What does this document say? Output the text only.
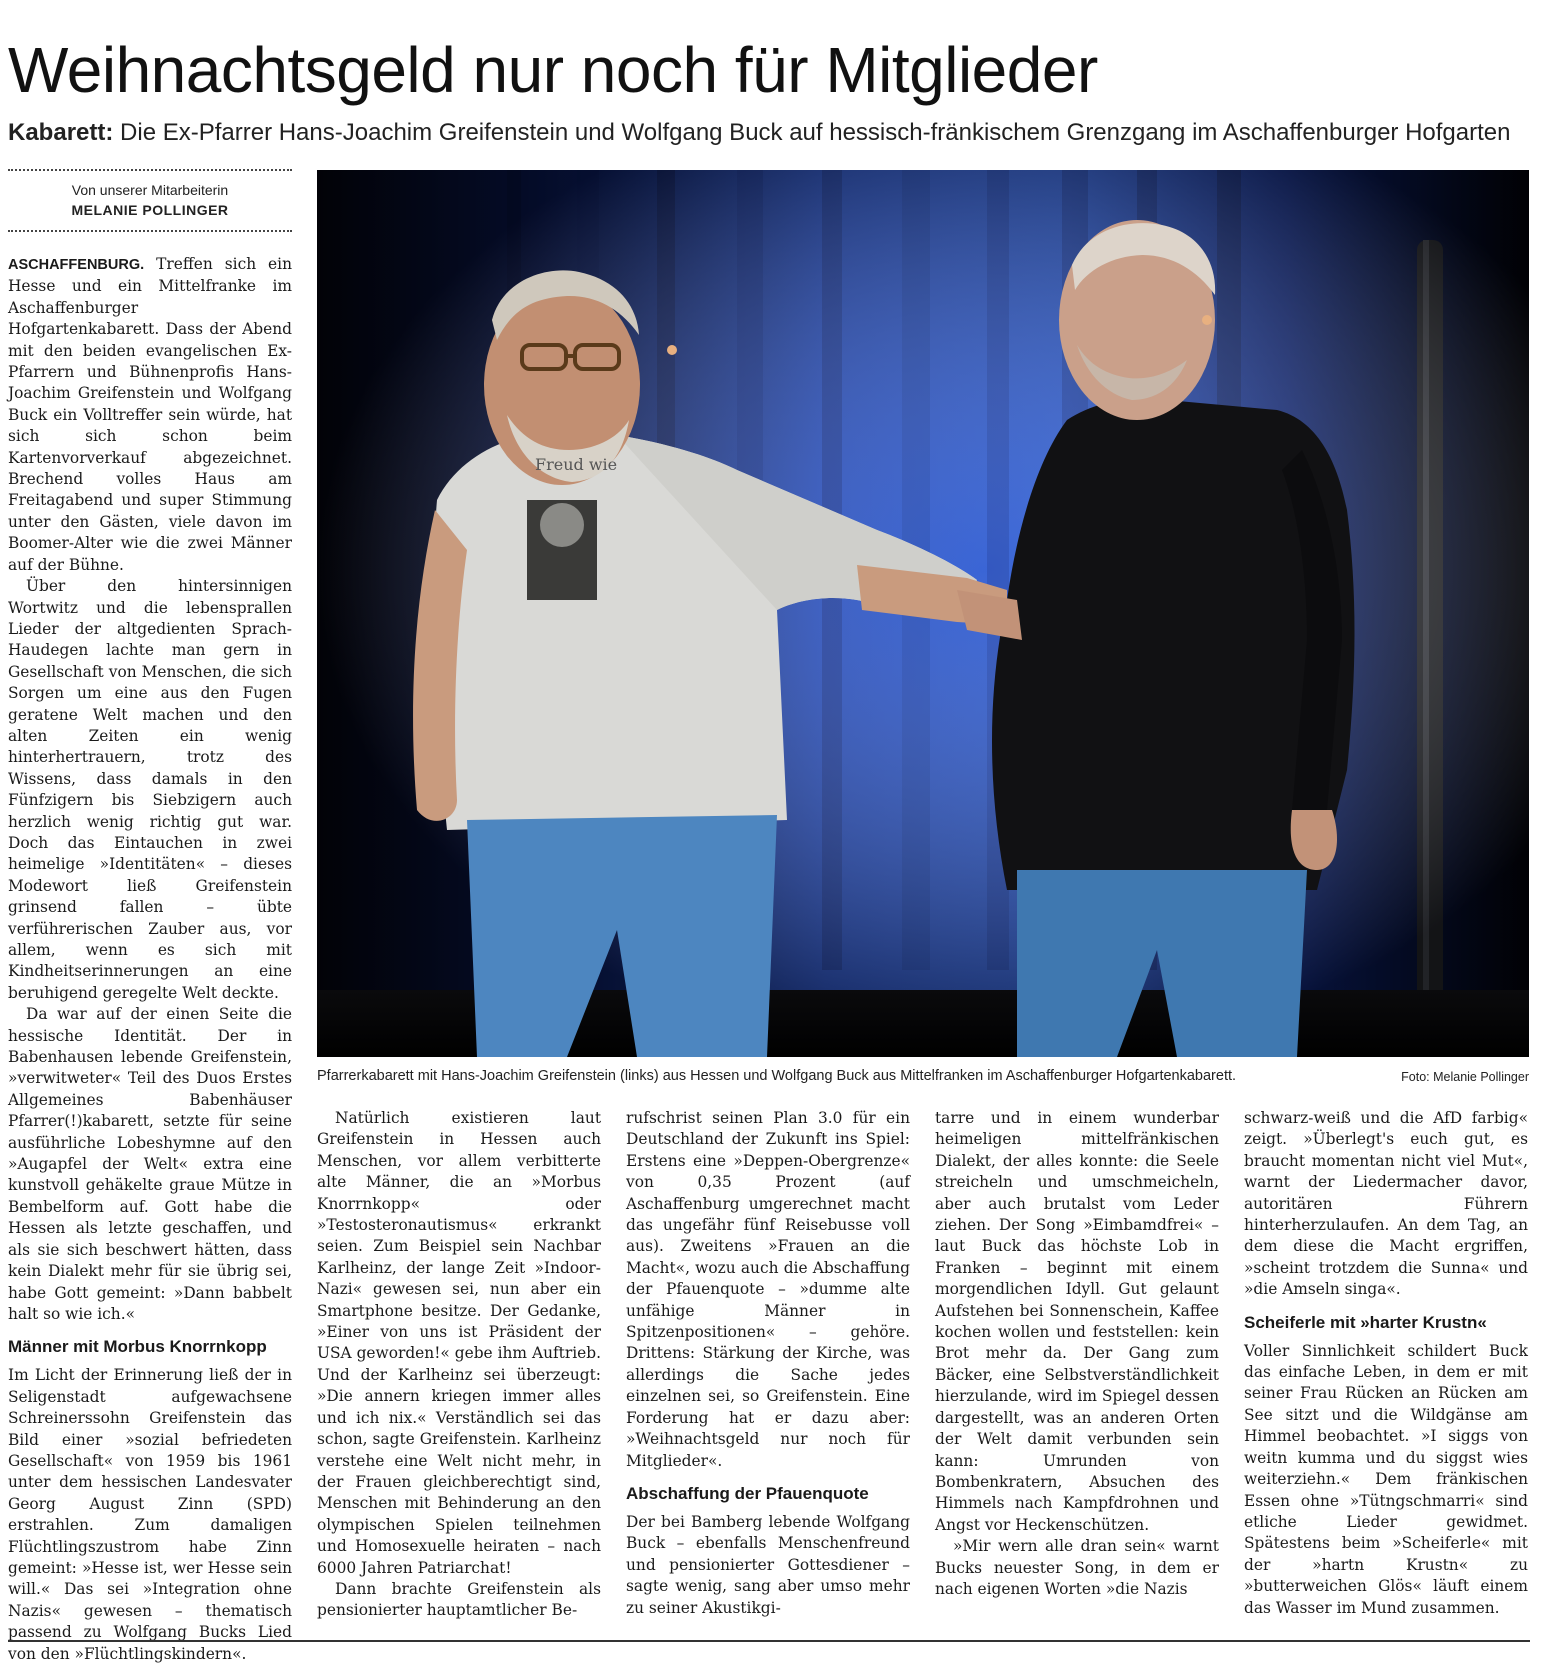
Weihnachtsgeld nur noch für Mitglieder

Kabarett: Die Ex-Pfarrer Hans-Joachim Greifenstein und Wolfgang Buck auf hessisch-fränkischem Grenzgang im Aschaffenburger Hofgarten

Von unserer Mitarbeiterin
MELANIE POLLINGER

ASCHAFFENBURG. Treffen sich ein Hesse und ein Mittelfranke im Aschaffenburger Hofgartenkabarett. Dass der Abend mit den beiden evangelischen Ex-Pfarrern und Bühnenprofis Hans-Joachim Greifenstein und Wolfgang Buck ein Volltreffer sein würde, hat sich sich schon beim Kartenvorverkauf abgezeichnet. Brechend volles Haus am Freitagabend und super Stimmung unter den Gästen, viele davon im Boomer-Alter wie die zwei Männer auf der Bühne.

Über den hintersinnigen Wortwitz und die lebensprallen Lieder der altgedienten Sprach-Haudegen lachte man gern in Gesellschaft von Menschen, die sich Sorgen um eine aus den Fugen geratene Welt machen und den alten Zeiten ein wenig hinterhertrauern, trotz des Wissens, dass damals in den Fünfzigern bis Siebzigern auch herzlich wenig richtig gut war. Doch das Eintauchen in zwei heimelige »Identitäten« – dieses Modewort ließ Greifenstein grinsend fallen – übte verführerischen Zauber aus, vor allem, wenn es sich mit Kindheitserinnerungen an eine beruhigend geregelte Welt deckte.

Da war auf der einen Seite die hessische Identität. Der in Babenhausen lebende Greifenstein, »verwitweter« Teil des Duos Erstes Allgemeines Babenhäuser Pfarrer(!)kabarett, setzte für seine ausführliche Lobeshymne auf den »Augapfel der Welt« extra eine kunstvoll gehäkelte graue Mütze in Bembelform auf. Gott habe die Hessen als letzte geschaffen, und als sie sich beschwert hätten, dass kein Dialekt mehr für sie übrig sei, habe Gott gemeint: »Dann babbelt halt so wie ich.«

Männer mit Morbus Knorrnkopp

Im Licht der Erinnerung ließ der in Seligenstadt aufgewachsene Schreinerssohn Greifenstein das Bild einer »sozial befriedeten Gesellschaft« von 1959 bis 1961 unter dem hessischen Landesvater Georg August Zinn (SPD) erstrahlen. Zum damaligen Flüchtlingszustrom habe Zinn gemeint: »Hesse ist, wer Hesse sein will.« Das sei »Integration ohne Nazis« gewesen – thematisch passend zu Wolfgang Bucks Lied von den »Flüchtlingskindern«.

Freud wie
Pfarrerkabarett mit Hans-Joachim Greifenstein (links) aus Hessen und Wolfgang Buck aus Mittelfranken im Aschaffenburger Hofgartenkabarett.	Foto: Melanie Pollinger

Natürlich existieren laut Greifenstein in Hessen auch Menschen, vor allem verbitterte alte Männer, die an »Morbus Knorrnkopp« oder »Testosteronautismus« erkrankt seien. Zum Beispiel sein Nachbar Karlheinz, der lange Zeit »Indoor-Nazi« gewesen sei, nun aber ein Smartphone besitze. Der Gedanke, »Einer von uns ist Präsident der USA geworden!« gebe ihm Auftrieb. Und der Karlheinz sei überzeugt: »Die annern kriegen immer alles und ich nix.« Verständlich sei das schon, sagte Greifenstein. Karlheinz verstehe eine Welt nicht mehr, in der Frauen gleichberechtigt sind, Menschen mit Behinderung an den olympischen Spielen teilnehmen und Homosexuelle heiraten – nach 6000 Jahren Patriarchat!

Dann brachte Greifenstein als pensionierter hauptamtlicher Be-

rufschrist seinen Plan 3.0 für ein Deutschland der Zukunft ins Spiel: Erstens eine »Deppen-Obergrenze« von 0,35 Prozent (auf Aschaffenburg umgerechnet macht das ungefähr fünf Reisebusse voll aus). Zweitens »Frauen an die Macht«, wozu auch die Abschaffung der Pfauenquote – »dumme alte unfähige Männer in Spitzenpositionen« – gehöre. Drittens: Stärkung der Kirche, was allerdings die Sache jedes einzelnen sei, so Greifenstein. Eine Forderung hat er dazu aber: »Weihnachtsgeld nur noch für Mitglieder«.

Abschaffung der Pfauenquote

Der bei Bamberg lebende Wolfgang Buck – ebenfalls Menschenfreund und pensionierter Gottesdiener – sagte wenig, sang aber umso mehr zu seiner Akustikgi-

tarre und in einem wunderbar heimeligen mittelfränkischen Dialekt, der alles konnte: die Seele streicheln und umschmeicheln, aber auch brutalst vom Leder ziehen. Der Song »Eimbamdfrei« – laut Buck das höchste Lob in Franken – beginnt mit einem morgendlichen Idyll. Gut gelaunt Aufstehen bei Sonnenschein, Kaffee kochen wollen und feststellen: kein Brot mehr da. Der Gang zum Bäcker, eine Selbstverständlichkeit hierzulande, wird im Spiegel dessen dargestellt, was an anderen Orten der Welt damit verbunden sein kann: Umrunden von Bombenkratern, Absuchen des Himmels nach Kampfdrohnen und Angst vor Heckenschützen.

»Mir wern alle dran sein« warnt Bucks neuester Song, in dem er nach eigenen Worten »die Nazis

schwarz-weiß und die AfD farbig« zeigt. »Überlegt's euch gut, es braucht momentan nicht viel Mut«, warnt der Liedermacher davor, autoritären Führern hinterherzulaufen. An dem Tag, an dem diese die Macht ergriffen, »scheint trotzdem die Sunna« und »die Amseln singa«.

Scheiferle mit »harter Krustn«

Voller Sinnlichkeit schildert Buck das einfache Leben, in dem er mit seiner Frau Rücken an Rücken am See sitzt und die Wildgänse am Himmel beobachtet. »I siggs von weitn kumma und du siggst wies weiterziehn.« Dem fränkischen Essen ohne »Tütngschmarri« sind etliche Lieder gewidmet. Spätestens beim »Scheiferle« mit der »hartn Krustn« zu »butterweichen Glös« läuft einem das Wasser im Mund zusammen.
